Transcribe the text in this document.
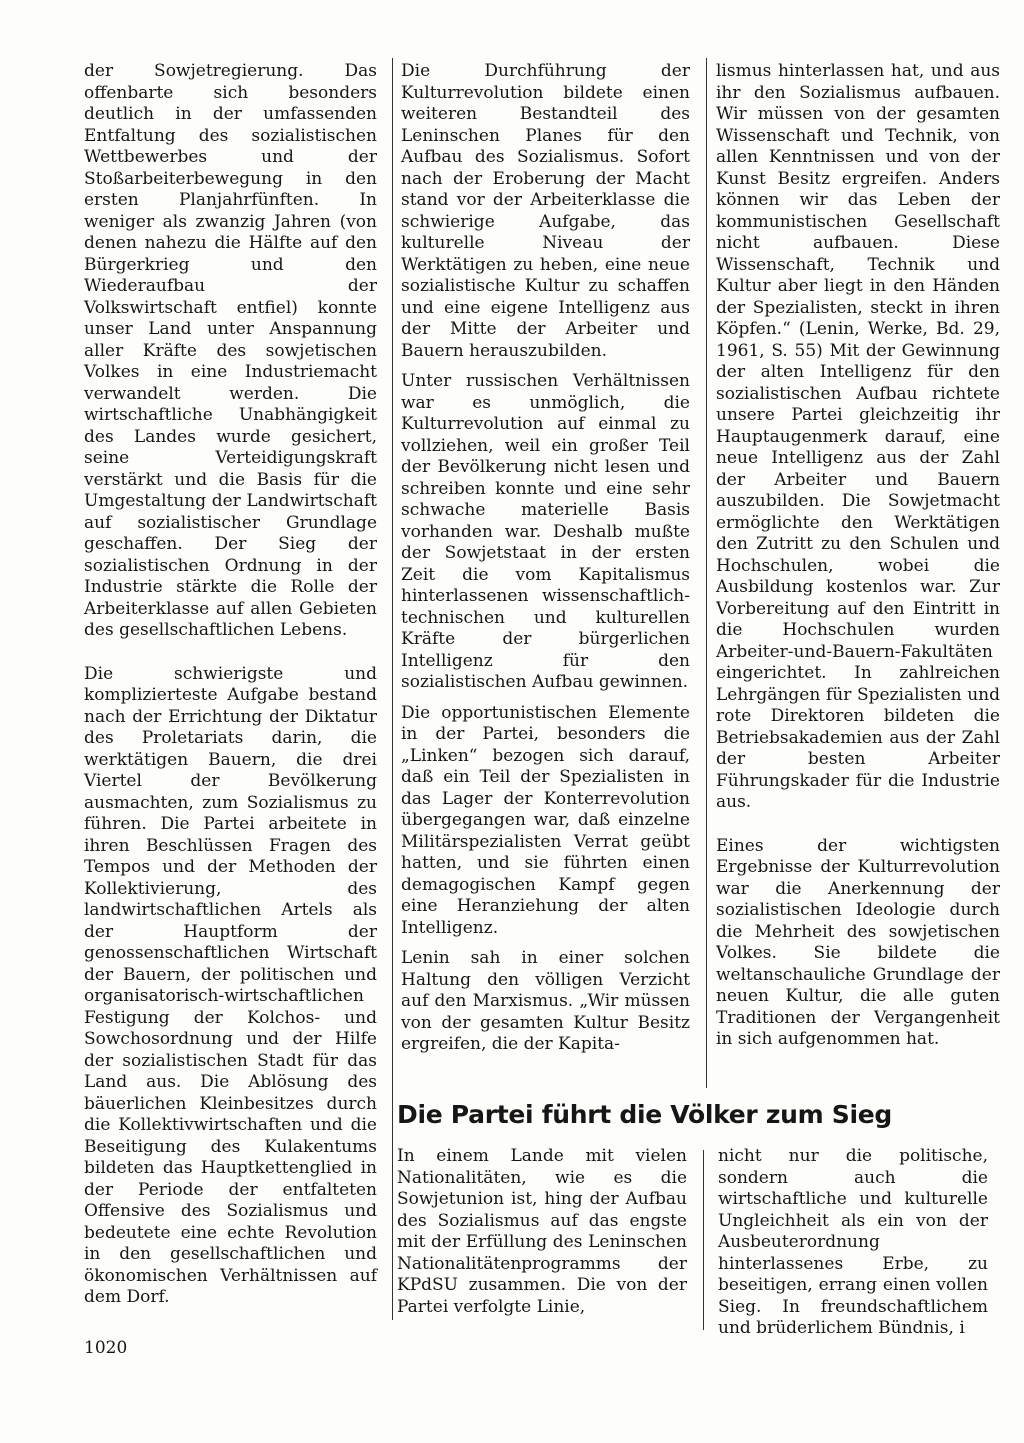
der Sowjetregierung. Das offenbarte sich besonders deutlich in der umfassenden Entfaltung des sozialistischen Wettbewerbes und der Stoßarbeiterbewegung in den ersten Planjahrfünften. In weniger als zwanzig Jahren (von denen nahezu die Hälfte auf den Bürgerkrieg und den Wiederaufbau der Volkswirtschaft entfiel) konnte unser Land unter Anspannung aller Kräfte des sowjetischen Volkes in eine Industriemacht verwandelt werden. Die wirtschaftliche Unabhängigkeit des Landes wurde gesichert, seine Verteidigungskraft verstärkt und die Basis für die Umgestaltung der Landwirtschaft auf sozialistischer Grundlage geschaffen. Der Sieg der sozialistischen Ordnung in der Industrie stärkte die Rolle der Arbeiterklasse auf allen Gebieten des gesellschaftlichen Lebens.

Die schwierigste und komplizierteste Aufgabe bestand nach der Errichtung der Diktatur des Proletariats darin, die werktätigen Bauern, die drei Viertel der Bevölkerung ausmachten, zum Sozialismus zu führen. Die Partei arbeitete in ihren Beschlüssen Fragen des Tempos und der Methoden der Kollektivierung, des landwirtschaftlichen Artels als der Hauptform der genossenschaftlichen Wirtschaft der Bauern, der politischen und organisatorisch-wirtschaftlichen Festigung der Kolchos- und Sowchosordnung und der Hilfe der sozialistischen Stadt für das Land aus. Die Ablösung des bäuerlichen Kleinbesitzes durch die Kollektivwirtschaften und die Beseitigung des Kulakentums bildeten das Hauptkettenglied in der Periode der entfalteten Offensive des Sozialismus und bedeutete eine echte Revolution in den gesellschaftlichen und ökonomischen Verhältnissen auf dem Dorf.

Die Durchführung der Kulturrevolution bildete einen weiteren Bestandteil des Leninschen Planes für den Aufbau des Sozialismus. Sofort nach der Eroberung der Macht stand vor der Arbeiterklasse die schwierige Aufgabe, das kulturelle Niveau der Werktätigen zu heben, eine neue sozialistische Kultur zu schaffen und eine eigene Intelligenz aus der Mitte der Arbeiter und Bauern herauszubilden.

Unter russischen Verhältnissen war es unmöglich, die Kulturrevolution auf einmal zu vollziehen, weil ein großer Teil der Bevölkerung nicht lesen und schreiben konnte und eine sehr schwache materielle Basis vorhanden war. Deshalb mußte der Sowjetstaat in der ersten Zeit die vom Kapitalismus hinterlassenen wissenschaftlich-technischen und kulturellen Kräfte der bürgerlichen Intelligenz für den sozialistischen Aufbau gewinnen.

Die opportunistischen Elemente in der Partei, besonders die „Linken“ bezogen sich darauf, daß ein Teil der Spezialisten in das Lager der Konterrevolution übergegangen war, daß einzelne Militärspezialisten Verrat geübt hatten, und sie führten einen demagogischen Kampf gegen eine Heranziehung der alten Intelligenz.

Lenin sah in einer solchen Haltung den völligen Verzicht auf den Marxismus. „Wir müssen von der gesamten Kultur Besitz ergreifen, die der Kapita-

lismus hinterlassen hat, und aus ihr den Sozialismus aufbauen. Wir müssen von der gesamten Wissenschaft und Technik, von allen Kenntnissen und von der Kunst Besitz ergreifen. Anders können wir das Leben der kommunistischen Gesellschaft nicht aufbauen. Diese Wissenschaft, Technik und Kultur aber liegt in den Händen der Spezialisten, steckt in ihren Köpfen.“ (Lenin, Werke, Bd. 29, 1961, S. 55) Mit der Gewinnung der alten Intelligenz für den sozialistischen Aufbau richtete unsere Partei gleichzeitig ihr Hauptaugenmerk darauf, eine neue Intelligenz aus der Zahl der Arbeiter und Bauern auszubilden. Die Sowjetmacht ermöglichte den Werktätigen den Zutritt zu den Schulen und Hochschulen, wobei die Ausbildung kostenlos war. Zur Vorbereitung auf den Eintritt in die Hochschulen wurden Arbeiter-und-Bauern-Fakultäten eingerichtet. In zahlreichen Lehrgängen für Spezialisten und rote Direktoren bildeten die Betriebsakademien aus der Zahl der besten Arbeiter Führungskader für die Industrie aus.

Eines der wichtigsten Ergebnisse der Kulturrevolution war die Anerkennung der sozialistischen Ideologie durch die Mehrheit des sowjetischen Volkes. Sie bildete die weltanschauliche Grundlage der neuen Kultur, die alle guten Traditionen der Vergangenheit in sich aufgenommen hat.

Die Partei führt die Völker zum Sieg

In einem Lande mit vielen Nationalitäten, wie es die Sowjetunion ist, hing der Aufbau des Sozialismus auf das engste mit der Erfüllung des Leninschen Nationalitätenprogramms der KPdSU zusammen. Die von der Partei verfolgte Linie,

nicht nur die politische, sondern auch die wirtschaftliche und kulturelle Ungleichheit als ein von der Ausbeuterordnung hinterlassenes Erbe, zu beseitigen, errang einen vollen Sieg. In freundschaftlichem und brüderlichem Bündnis, i

1020
